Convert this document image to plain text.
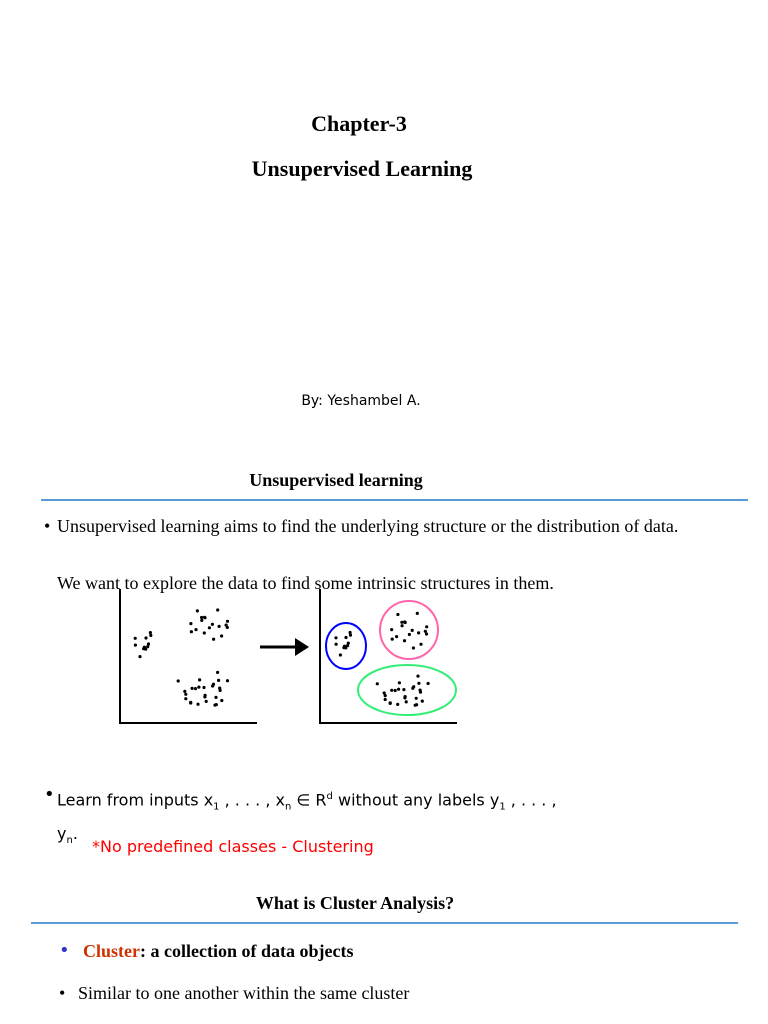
Chapter-3
Unsupervised Learning
By: Yeshambel A.
Unsupervised learning
• Unsupervised learning aims to find the underlying structure or the distribution of data.
We want to explore the data to find some intrinsic structures in them.
• Learn from inputs $x_1$ , . . . , $x_n$ ∈ $R^d$ without any labels $y_1$ , . . . , $y_n$.
*No predefined classes - Clustering
What is Cluster Analysis?
• Cluster: a collection of data objects
• Similar to one another within the same cluster
